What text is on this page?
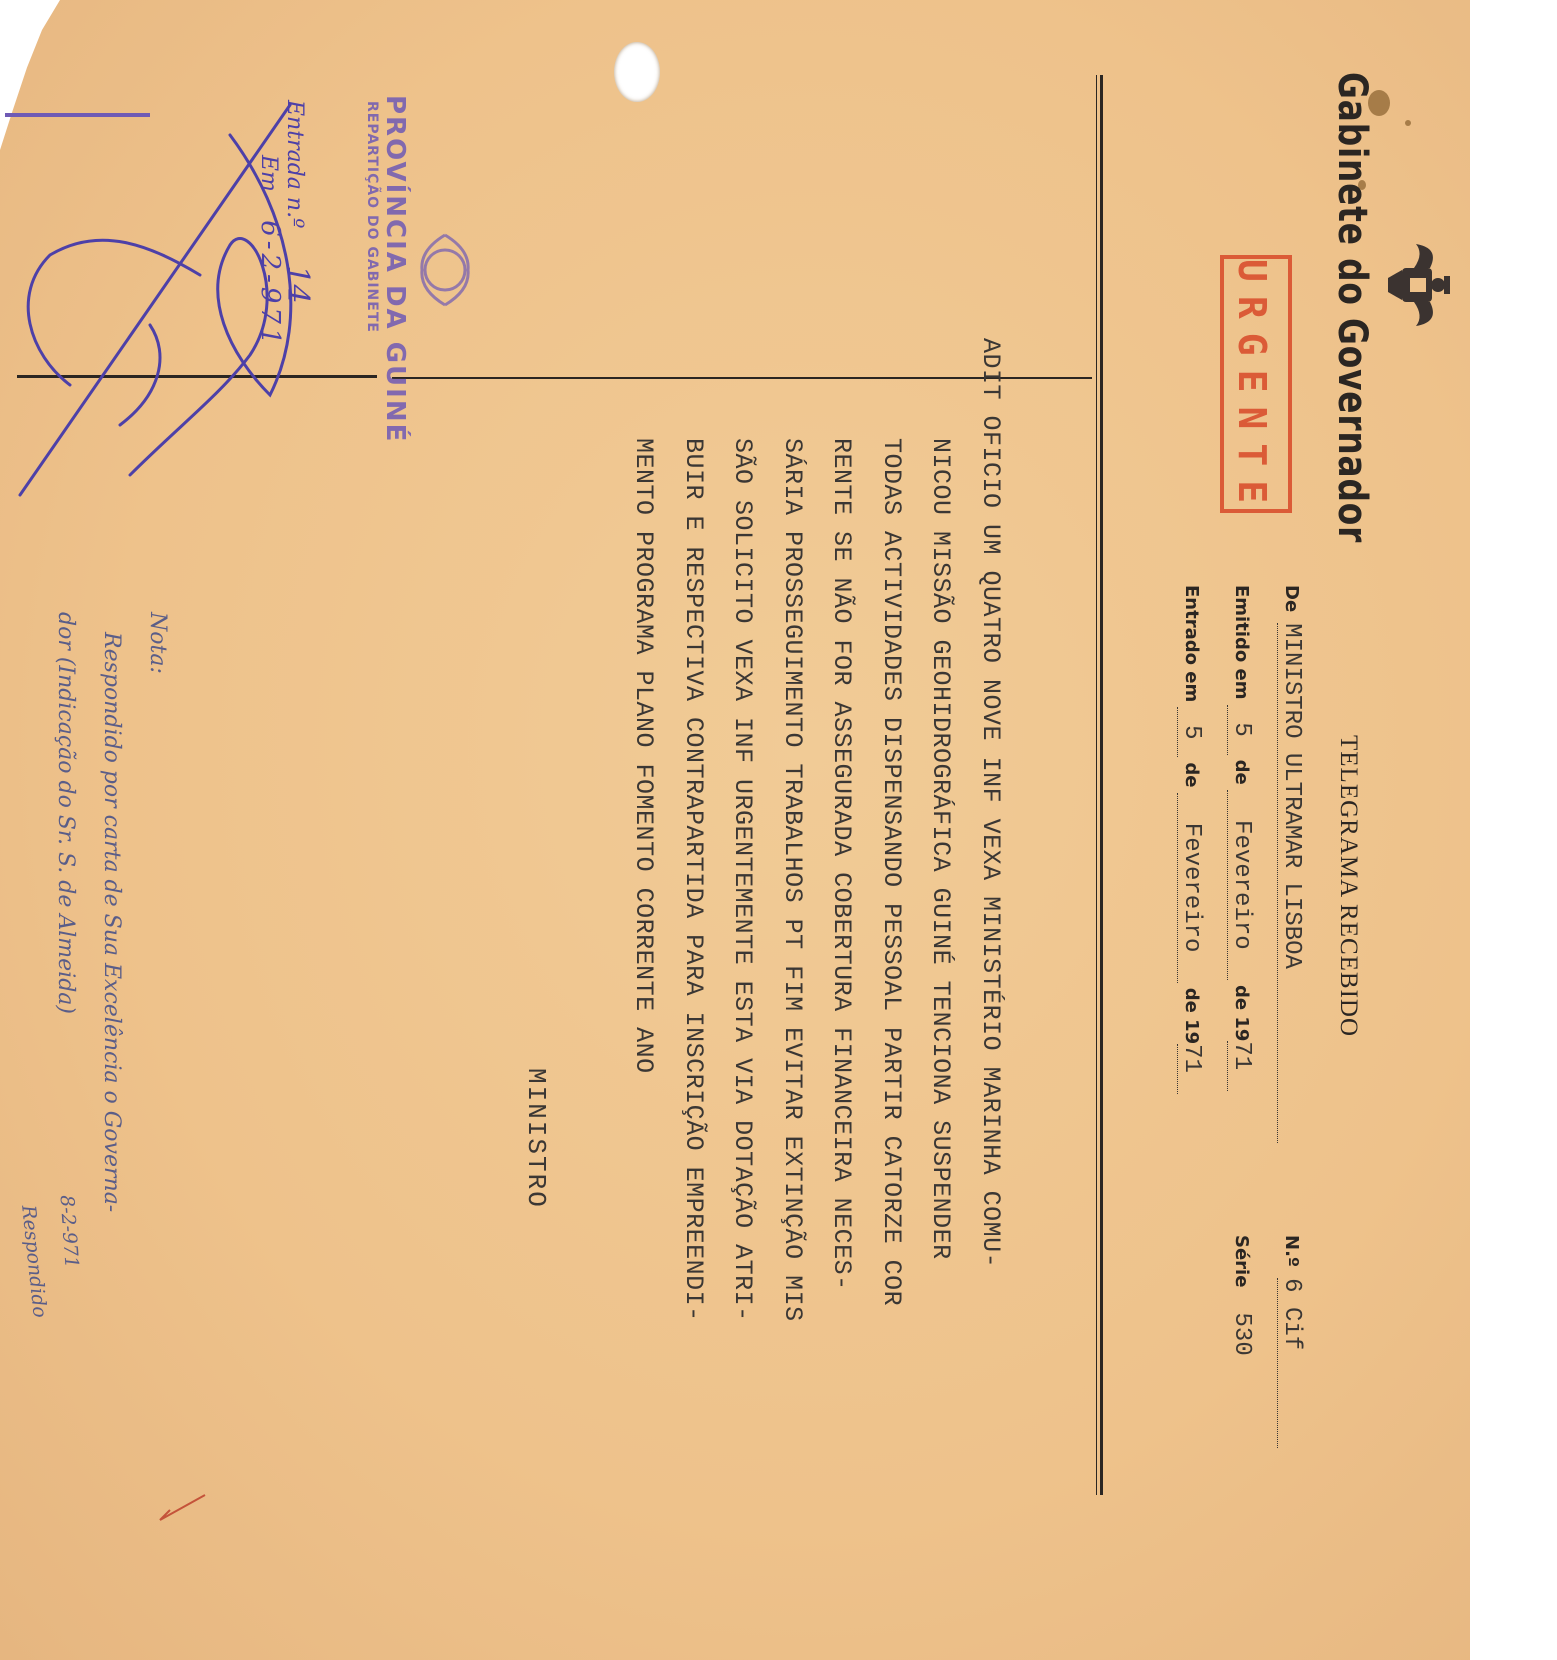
Gabinete do Governador
URGENTE
TELEGRAMA RECEBIDO
De MINISTRO ULTRAMAR LISBOA
N.º 6 Cif
Emitido em 5 de Fevereiro de 1971
Série 530
Entrado em 5 de Fevereiro de 1971
ADIT OFICIO UM QUATRO NOVE INF VEXA MINISTÉRIO MARINHA COMU-
NICOU MISSÃO GEOHIDROGRÁFICA GUINÉ TENCIONA SUSPENDER
TODAS ACTIVIDADES DISPENSANDO PESSOAL PARTIR CATORZE COR
RENTE SE NÃO FOR ASSEGURADA COBERTURA FINANCEIRA NECES-
SÁRIA PROSSEGUIMENTO TRABALHOS PT FIM EVITAR EXTINÇÃO MIS
SÃO SOLICITO VEXA INF URGENTEMENTE ESTA VIA DOTAÇÃO ATRI-
BUIR E RESPECTIVA CONTRAPARTIDA PARA INSCRIÇÃO EMPREENDI-
MENTO PROGRAMA PLANO FOMENTO CORRENTE ANO
MINISTRO
PROVÍNCIA DA GUINÉ
REPARTIÇÃO DO GABINETE
Entrada n.º 14
Em 6-2-971
Nota:
Respondido por carta de Sua Excelência o Governa-
dor (Indicação do Sr. S. de Almeida)
8-2-971
Respondido
